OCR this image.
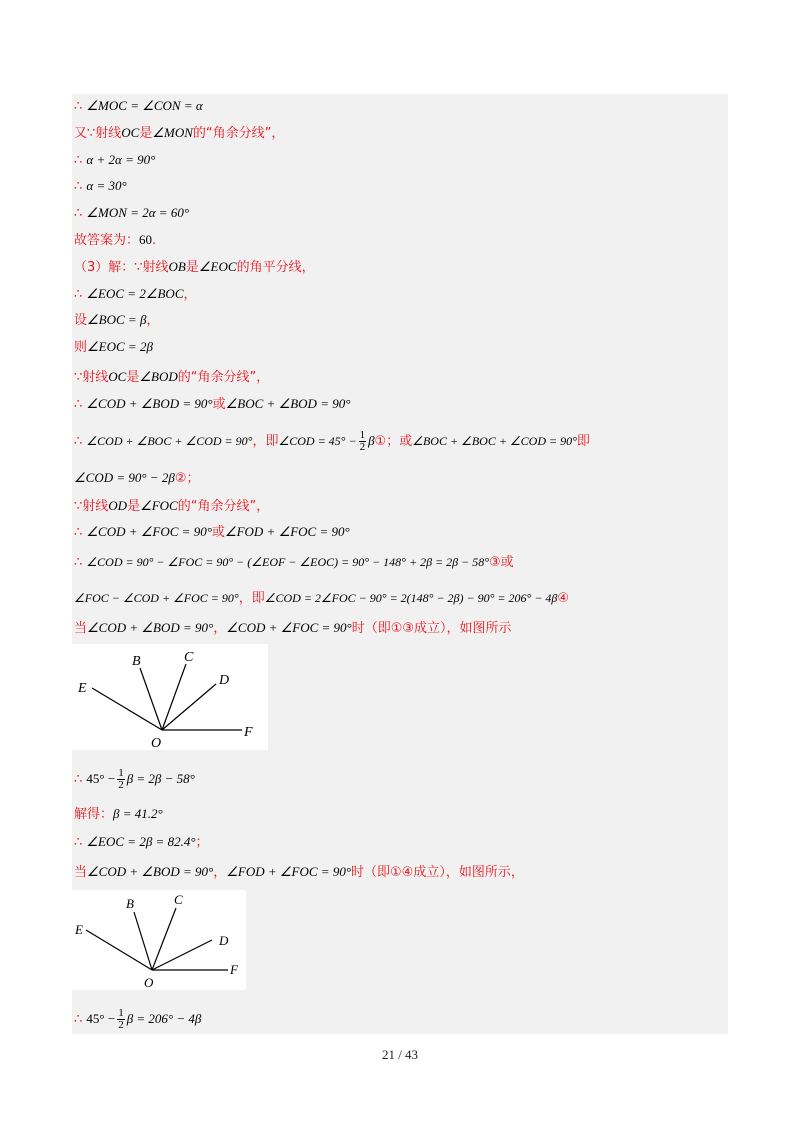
∴ ∠MOC = ∠CON = α
又∵射线OC是∠MON的“角余分线”，
∴ α + 2α = 90°
∴ α = 30°
∴ ∠MON = 2α = 60°
故答案为：60.
（3）解：∵射线OB是∠EOC的角平分线，
∴ ∠EOC = 2∠BOC，
设∠BOC = β，
则∠EOC = 2β
∵射线OC是∠BOD的“角余分线”，
∴ ∠COD + ∠BOD = 90°或∠BOC + ∠BOD = 90°
∴ ∠COD + ∠BOC + ∠COD = 90°，即∠COD = $45^\circ - \frac{1}{2}$ β①；或∠BOC + ∠BOC + ∠COD = 90°即
∠COD = 90° − 2β②；
∵射线OD是∠FOC的“角余分线”，
∴ ∠COD + ∠FOC = 90°或∠FOD + ∠FOC = 90°
∴ ∠COD = 90° − ∠FOC = 90° − (∠EOF − ∠EOC) = 90° − 148° + 2β = 2β − 58°③或
∠FOC − ∠COD + ∠FOC = 90°，即∠COD = 2∠FOC − 90° = 2(148° − 2β) − 90° = 206° − 4β④
当∠COD + ∠BOD = 90°，∠COD + ∠FOC = 90°时（即①③成立），如图所示
E
B	C
D
O
F
∴ $45^\circ - \frac{1}{2}$ β = 2β − 58°
解得：β = 41.2°
∴ ∠EOC = 2β = 82.4°；
当∠COD + ∠BOD = 90°，∠FOD + ∠FOC = 90°时（即①④成立），如图所示，
E
B	C
D
O
F
∴ $45^\circ - \frac{1}{2}$ β = 206° − 4β
21 / 43
